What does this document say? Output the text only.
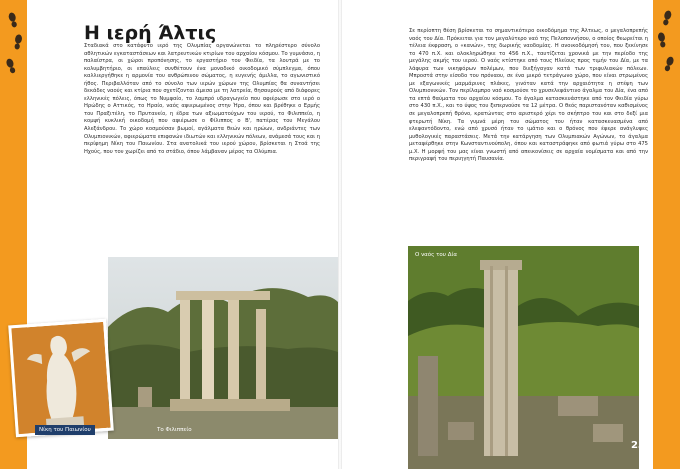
Η ιερή Άλτις
Σταδιακά στο κατάφυτο ιερό της Ολυμπίας οργανώνεται το πληρέστερο σύνολο αθλητικών εγκαταστάσεων και λατρευτικών κτιρίων του αρχαίου κόσμου. Το γυμνάσιο, η παλαίστρα, οι χώροι προπόνησης, το εργαστήριο του Φειδία, τα λουτρά με το κολυμβητήριο, οι επαύλεις συνθέτουν ένα μοναδικό οικοδομικό σύμπλεγμα, όπου καλλιεργήθηκε η αρμονία του ανθρώπινου σώματος, η ευγενής άμιλλα, το αγωνιστικό ήθος. Περιβαλλόταν από το σύνολο των ιερών χώρων της Ολυμπίας θα συναντήσει δεκάδες ναούς και κτίρια που σχετίζονται άμεσα με τη λατρεία, θησαυρούς από διάφορες ελληνικές πόλεις, όπως το Νυμφαίο, το λαμπρό υδραγωγείο που αφιέρωσε στο ιερό ο Ηρώδης ο Αττικός, το Ηραίο, ναός αφιερωμένος στην Ήρα, όπου και βρέθηκε ο Ερμής του Πραξιτέλη, το Πρυτανείο, η έδρα των αξιωματούχων του ιερού, το Φιλιππείο, η κομψή κυκλική οικοδομή που αφιέρωσε ο Φίλιππος ο Β', πατέρας του Μεγάλου Αλεξάνδρου. Το χώρο κοσμούσαν βωμοί, αγάλματα θεών και ηρώων, ανδριάντες των Ολυμπιονικών, αφιερώματα επιφανών ιδιωτών και ελληνικών πόλεων, ανάμεσά τους και η περίφημη Νίκη του Παιωνίου. Στα ανατολικά του ιερού χώρου, βρίσκεται η Στοά της Ηχούς, που τον χωρίζει από το στάδιο, όπου λάμβαναν μέρος τα Ολύμπια.
Νίκη του Παιωνίου	Το Φιλιππείο
22
Σε περίοπτη θέση βρίσκεται το σημαντικότερο οικοδόμημα της Άλτεως, ο μεγαλοπρεπής ναός του Δία. Πρόκειται για τον μεγαλύτερο ναό της Πελοποννήσου, ο οποίος θεωρείται η τέλεια έκφραση, ο «κανών», της δωρικής ναοδομίας. Η ανοικοδόμησή του, που ξεκίνησε το 470 π.Χ. και ολοκληρώθηκε το 456 π.Χ., ταυτίζεται χρονικά με την περίοδο της μεγάλης ακμής του ιερού. Ο ναός κτίστηκε από τους Ηλείους προς τιμήν του Δία, με τα λάφυρα των νικηφόρων πολέμων, που διεξήγαγαν κατά των τριφυλιακών πόλεων. Μπροστά στην είσοδο του πρόναου, σε ένα μικρό τετράγωνο χώρο, που είναι στρωμένος με εξαγωνικές μαρμάρινες πλάκες, γινόταν κατά την αρχαιότητα η στέψη των Ολυμπιονικών. Τον περίλαμπρο ναό κοσμούσε το χρυσελεφάντινο άγαλμα του Δία, ένα από τα επτά θαύματα του αρχαίου κόσμου. Το άγαλμα κατασκευάστηκε από τον Φειδία γύρω στο 430 π.Χ., και το ύψος του ξεπερνούσε τα 12 μέτρα. Ο θεός παριστανόταν καθισμένος σε μεγαλοπρεπή θρόνο, κρατώντας στο αριστερό χέρι το σκήπτρο του και στο δεξί μια φτερωτή Νίκη. Τα γυμνά μέρη του σώματος του ήταν κατασκευασμένα από ελεφαντόδοντο, ενώ από χρυσό ήταν το ιμάτιο και ο θρόνος που έφερε ανάγλυφες μυθολογικές παραστάσεις. Μετά την κατάργηση των Ολυμπιακών Αγώνων, το άγαλμα μεταφέρθηκε στην Κωνσταντινούπολη, όπου και καταστράφηκε από φωτιά γύρω στο 475 μ.Χ. Η μορφή του μας είναι γνωστή από απεικονίσεις σε αρχαία νομίσματα και από την περιγραφή του περιηγητή Παυσανία.
Ο ναός του Δία
23
